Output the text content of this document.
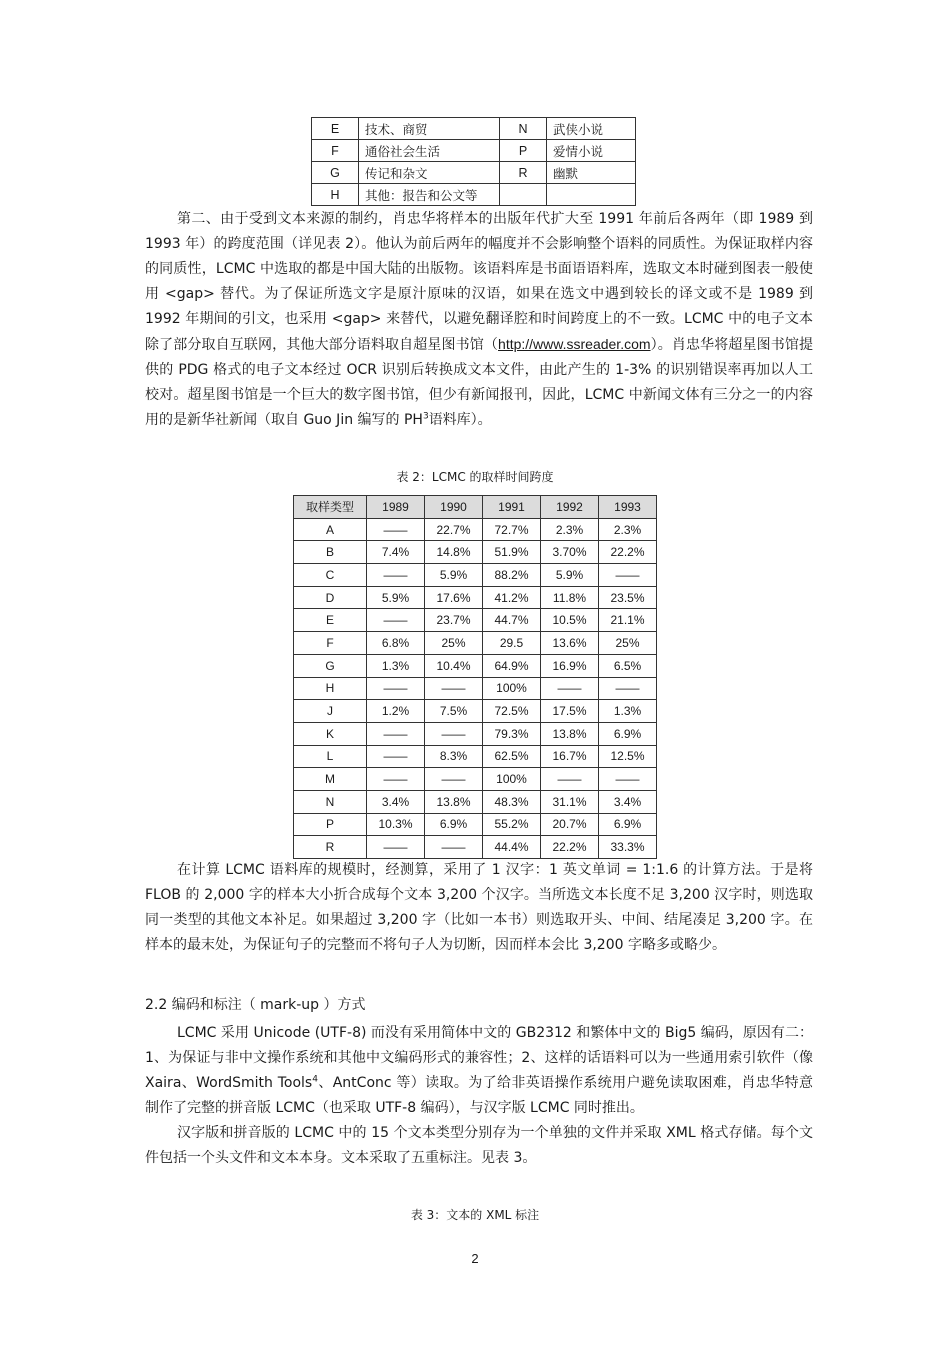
E	技术、商贸	N	武侠小说
F	通俗社会生活	P	爱情小说
G	传记和杂文	R	幽默
H	其他：报告和公文等		

第二、由于受到文本来源的制约，肖忠华将样本的出版年代扩大至 1991 年前后各两年（即 1989 到 1993 年）的跨度范围（详见表 2）。他认为前后两年的幅度并不会影响整个语料的同质性。为保证取样内容的同质性，LCMC 中选取的都是中国大陆的出版物。该语料库是书面语语料库，选取文本时碰到图表一般使用 <gap> 替代。为了保证所选文字是原汁原味的汉语，如果在选文中遇到较长的译文或不是 1989 到 1992 年期间的引文，也采用 <gap> 来替代，以避免翻译腔和时间跨度上的不一致。LCMC 中的电子文本除了部分取自互联网，其他大部分语料取自超星图书馆（http://www.ssreader.com）。肖忠华将超星图书馆提供的 PDG 格式的电子文本经过 OCR 识别后转换成文本文件，由此产生的 1-3% 的识别错误率再加以人工校对。超星图书馆是一个巨大的数字图书馆，但少有新闻报刊，因此，LCMC 中新闻文体有三分之一的内容用的是新华社新闻（取自 Guo Jin 编写的 $PH^3$语料库）。

表 2：LCMC 的取样时间跨度
取样类型	1989	1990	1991	1992	1993
A	——	22.7%	72.7%	2.3%	2.3%
B	7.4%	14.8%	51.9%	3.70%	22.2%
C	——	5.9%	88.2%	5.9%	——
D	5.9%	17.6%	41.2%	11.8%	23.5%
E	——	23.7%	44.7%	10.5%	21.1%
F	6.8%	25%	29.5	13.6%	25%
G	1.3%	10.4%	64.9%	16.9%	6.5%
H	——	——	100%	——	——
J	1.2%	7.5%	72.5%	17.5%	1.3%
K	——	——	79.3%	13.8%	6.9%
L	——	8.3%	62.5%	16.7%	12.5%
M	——	——	100%	——	——
N	3.4%	13.8%	48.3%	31.1%	3.4%
P	10.3%	6.9%	55.2%	20.7%	6.9%
R	——	——	44.4%	22.2%	33.3%

在计算 LCMC 语料库的规模时，经测算，采用了 1 汉字：1 英文单词 = 1:1.6 的计算方法。于是将 FLOB 的 2,000 字的样本大小折合成每个文本 3,200 个汉字。当所选文本长度不足 3,200 汉字时，则选取同一类型的其他文本补足。如果超过 3,200 字（比如一本书）则选取开头、中间、结尾凑足 3,200 字。在样本的最末处，为保证句子的完整而不将句子人为切断，因而样本会比 3,200 字略多或略少。

2.2 编码和标注（ mark-up ）方式

LCMC 采用 Unicode (UTF-8) 而没有采用简体中文的 GB2312 和繁体中文的 Big5 编码，原因有二：1、为保证与非中文操作系统和其他中文编码形式的兼容性；2、这样的话语料可以为一些通用索引软件（像 Xaira、WordSmith Tools$^4$、AntConc 等）读取。为了给非英语操作系统用户避免读取困难，肖忠华特意制作了完整的拼音版 LCMC（也采取 UTF-8 编码），与汉字版 LCMC 同时推出。

汉字版和拼音版的 LCMC 中的 15 个文本类型分别存为一个单独的文件并采取 XML 格式存储。每个文件包括一个头文件和文本本身。文本采取了五重标注。见表 3。

表 3：文本的 XML 标注
2
